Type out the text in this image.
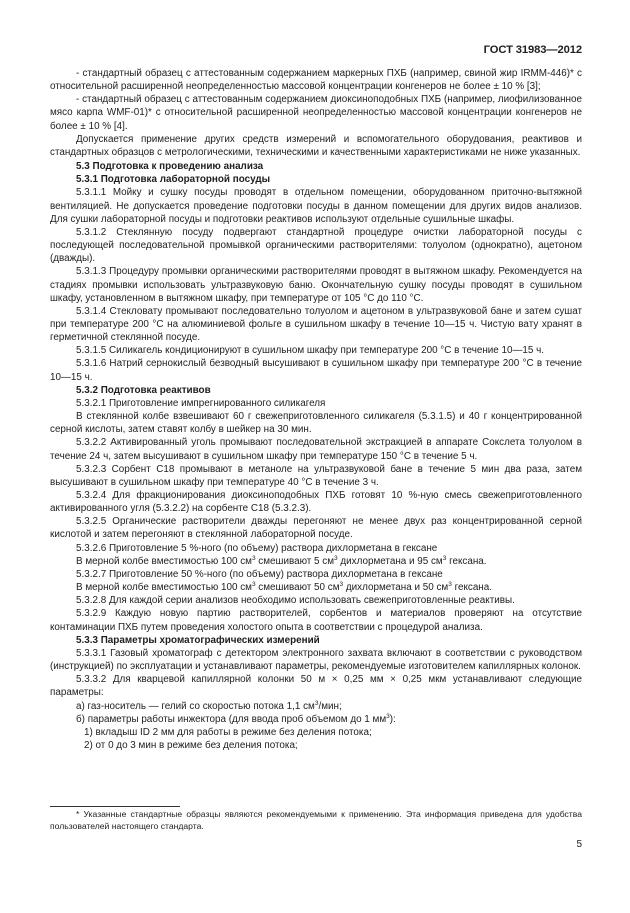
ГОСТ 31983—2012

- стандартный образец с аттестованным содержанием маркерных ПХБ (например, свиной жир IRMM-446)* с относительной расширенной неопределенностью массовой концентрации конгенеров не более ± 10 % [3];

- стандартный образец с аттестованным содержанием диоксиноподобных ПХБ (например, лиофилизованное мясо карпа WMF-01)* с относительной расширенной неопределенностью массовой концентрации конгенеров не более ± 10 % [4].

Допускается применение других средств измерений и вспомогательного оборудования, реактивов и стандартных образцов с метрологическими, техническими и качественными характеристиками не ниже указанных.

5.3 Подготовка к проведению анализа

5.3.1 Подготовка лабораторной посуды

5.3.1.1 Мойку и сушку посуды проводят в отдельном помещении, оборудованном приточно-вытяжной вентиляцией. Не допускается проведение подготовки посуды в данном помещении для других видов анализов. Для сушки лабораторной посуды и подготовки реактивов используют отдельные сушильные шкафы.

5.3.1.2 Стеклянную посуду подвергают стандартной процедуре очистки лабораторной посуды с последующей последовательной промывкой органическими растворителями: толуолом (однократно), ацетоном (дважды).

5.3.1.3 Процедуру промывки органическими растворителями проводят в вытяжном шкафу. Рекомендуется на стадиях промывки использовать ультразвуковую баню. Окончательную сушку посуды проводят в сушильном шкафу, установленном в вытяжном шкафу, при температуре от 105 °С до 110 °С.

5.3.1.4 Стекловату промывают последовательно толуолом и ацетоном в ультразвуковой бане и затем сушат при температуре 200 °С на алюминиевой фольге в сушильном шкафу в течение 10—15 ч. Чистую вату хранят в герметичной стеклянной посуде.

5.3.1.5 Силикагель кондиционируют в сушильном шкафу при температуре 200 °С в течение 10—15 ч.

5.3.1.6 Натрий сернокислый безводный высушивают в сушильном шкафу при температуре 200 °С в течение 10—15 ч.

5.3.2 Подготовка реактивов

5.3.2.1 Приготовление импрегнированного силикагеля

В стеклянной колбе взвешивают 60 г свежеприготовленного силикагеля (5.3.1.5) и 40 г концентрированной серной кислоты, затем ставят колбу в шейкер на 30 мин.

5.3.2.2 Активированный уголь промывают последовательной экстракцией в аппарате Сокслета толуолом в течение 24 ч, затем высушивают в сушильном шкафу при температуре 150 °С в течение 5 ч.

5.3.2.3 Сорбент С18 промывают в метаноле на ультразвуковой бане в течение 5 мин два раза, затем высушивают в сушильном шкафу при температуре 40 °С в течение 3 ч.

5.3.2.4 Для фракционирования диоксиноподобных ПХБ готовят 10 %-ную смесь свежеприготовленного активированного угля (5.3.2.2) на сорбенте С18 (5.3.2.3).

5.3.2.5 Органические растворители дважды перегоняют не менее двух раз концентрированной серной кислотой и затем перегоняют в стеклянной лабораторной посуде.

5.3.2.6 Приготовление 5 %-ного (по объему) раствора дихлорметана в гексане

В мерной колбе вместимостью 100 $см^3$ смешивают 5 $см^3$ дихлорметана и 95 $см^3$ гексана.

5.3.2.7 Приготовление 50 %-ного (по объему) раствора дихлорметана в гексане

В мерной колбе вместимостью 100 $см^3$ смешивают 50 $см^3$ дихлорметана и 50 $см^3$ гексана.

5.3.2.8 Для каждой серии анализов необходимо использовать свежеприготовленные реактивы.

5.3.2.9 Каждую новую партию растворителей, сорбентов и материалов проверяют на отсутствие контаминации ПХБ путем проведения холостого опыта в соответствии с процедурой анализа.

5.3.3 Параметры хроматографических измерений

5.3.3.1 Газовый хроматограф с детектором электронного захвата включают в соответствии с руководством (инструкцией) по эксплуатации и устанавливают параметры, рекомендуемые изготовителем капиллярных колонок.

5.3.3.2 Для кварцевой капиллярной колонки 50 м × 0,25 мм × 0,25 мкм устанавливают следующие параметры:

а) газ-носитель — гелий со скоростью потока 1,1 $см^3$/мин;

б) параметры работы инжектора (для ввода проб объемом до 1 $мм^3$):

1) вкладыш ID 2 мм для работы в режиме без деления потока;

2) от 0 до 3 мин в режиме без деления потока;

* Указанные стандартные образцы являются рекомендуемыми к применению. Эта информация приведена для удобства пользователей настоящего стандарта.

5
